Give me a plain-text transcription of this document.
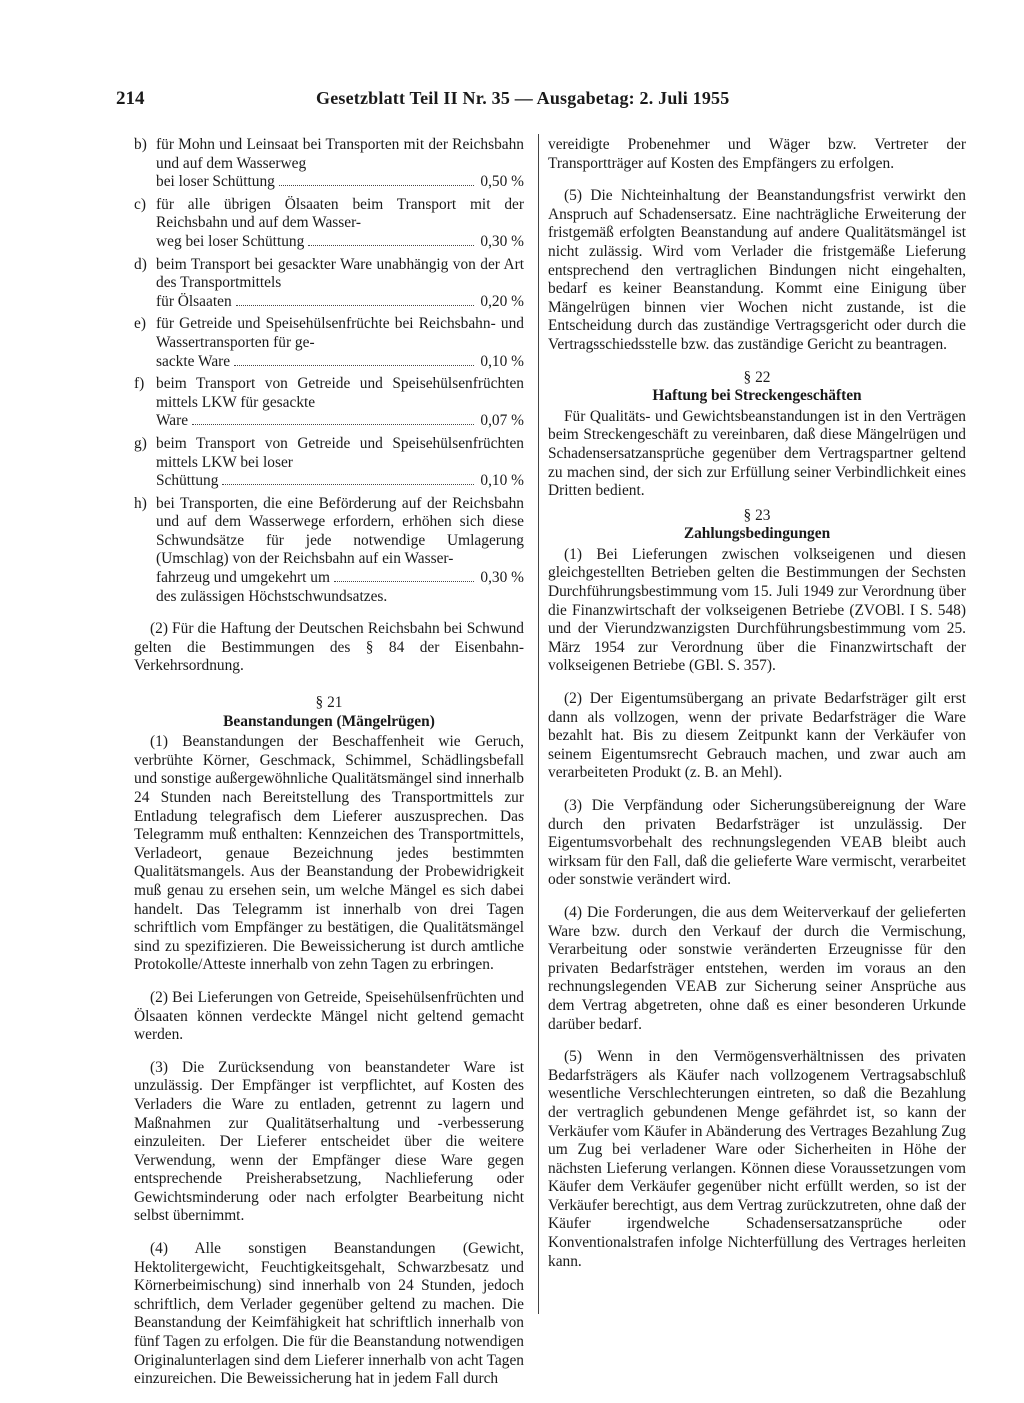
214	Gesetzblatt Teil II Nr. 35 — Ausgabetag: 2. Juli 1955
b) für Mohn und Leinsaat bei Transporten mit der Reichsbahn und auf dem Wasserweg
bei loser Schüttung	0,50 %
c) für alle übrigen Ölsaaten beim Transport mit der Reichsbahn und auf dem Wasser-
weg bei loser Schüttung	0,30 %
d) beim Transport bei gesackter Ware unabhängig von der Art des Transportmittels
für Ölsaaten	0,20 %
e) für Getreide und Speisehülsenfrüchte bei Reichsbahn- und Wassertransporten für ge-
sackte Ware	0,10 %
f) beim Transport von Getreide und Speisehülsenfrüchten mittels LKW für gesackte
Ware	0,07 %
g) beim Transport von Getreide und Speisehülsenfrüchten mittels LKW bei loser
Schüttung	0,10 %
h) bei Transporten, die eine Beförderung auf der Reichsbahn und auf dem Wasserwege erfordern, erhöhen sich diese Schwundsätze für jede notwendige Umlagerung (Umschlag) von der Reichsbahn auf ein Wasser-
fahrzeug und umgekehrt um	0,30 %
des zulässigen Höchstschwundsatzes.

(2) Für die Haftung der Deutschen Reichsbahn bei Schwund gelten die Bestimmungen des § 84 der Eisenbahn-Verkehrsordnung.

§ 21
Beanstandungen (Mängelrügen)

(1) Beanstandungen der Beschaffenheit wie Geruch, verbrühte Körner, Geschmack, Schimmel, Schädlingsbefall und sonstige außergewöhnliche Qualitätsmängel sind innerhalb 24 Stunden nach Bereitstellung des Transportmittels zur Entladung telegrafisch dem Lieferer auszusprechen. Das Telegramm muß enthalten: Kennzeichen des Transportmittels, Verladeort, genaue Bezeichnung jedes bestimmten Qualitätsmangels. Aus der Beanstandung der Probewidrigkeit muß genau zu ersehen sein, um welche Mängel es sich dabei handelt. Das Telegramm ist innerhalb von drei Tagen schriftlich vom Empfänger zu bestätigen, die Qualitätsmängel sind zu spezifizieren. Die Beweissicherung ist durch amtliche Protokolle/Atteste innerhalb von zehn Tagen zu erbringen.

(2) Bei Lieferungen von Getreide, Speisehülsenfrüchten und Ölsaaten können verdeckte Mängel nicht geltend gemacht werden.

(3) Die Zurücksendung von beanstandeter Ware ist unzulässig. Der Empfänger ist verpflichtet, auf Kosten des Verladers die Ware zu entladen, getrennt zu lagern und Maßnahmen zur Qualitätserhaltung und -verbesserung einzuleiten. Der Lieferer entscheidet über die weitere Verwendung, wenn der Empfänger diese Ware gegen entsprechende Preisherabsetzung, Nachlieferung oder Gewichtsminderung oder nach erfolgter Bearbeitung nicht selbst übernimmt.

(4) Alle sonstigen Beanstandungen (Gewicht, Hektolitergewicht, Feuchtigkeitsgehalt, Schwarzbesatz und Körnerbeimischung) sind innerhalb von 24 Stunden, jedoch schriftlich, dem Verlader gegenüber geltend zu machen. Die Beanstandung der Keimfähigkeit hat schriftlich innerhalb von fünf Tagen zu erfolgen. Die für die Beanstandung notwendigen Originalunterlagen sind dem Lieferer innerhalb von acht Tagen einzureichen. Die Beweissicherung hat in jedem Fall durch

vereidigte Probenehmer und Wäger bzw. Vertreter der Transportträger auf Kosten des Empfängers zu erfolgen.

(5) Die Nichteinhaltung der Beanstandungsfrist verwirkt den Anspruch auf Schadensersatz. Eine nachträgliche Erweiterung der fristgemäß erfolgten Beanstandung auf andere Qualitätsmängel ist nicht zulässig. Wird vom Verlader die fristgemäße Lieferung entsprechend den vertraglichen Bindungen nicht eingehalten, bedarf es keiner Beanstandung. Kommt eine Einigung über Mängelrügen binnen vier Wochen nicht zustande, ist die Entscheidung durch das zuständige Vertragsgericht oder durch die Vertragsschiedsstelle bzw. das zuständige Gericht zu beantragen.

§ 22
Haftung bei Streckengeschäften

Für Qualitäts- und Gewichtsbeanstandungen ist in den Verträgen beim Streckengeschäft zu vereinbaren, daß diese Mängelrügen und Schadensersatzansprüche gegenüber dem Vertragspartner geltend zu machen sind, der sich zur Erfüllung seiner Verbindlichkeit eines Dritten bedient.

§ 23
Zahlungsbedingungen

(1) Bei Lieferungen zwischen volkseigenen und diesen gleichgestellten Betrieben gelten die Bestimmungen der Sechsten Durchführungsbestimmung vom 15. Juli 1949 zur Verordnung über die Finanzwirtschaft der volkseigenen Betriebe (ZVOBl. I S. 548) und der Vierundzwanzigsten Durchführungsbestimmung vom 25. März 1954 zur Verordnung über die Finanzwirtschaft der volkseigenen Betriebe (GBl. S. 357).

(2) Der Eigentumsübergang an private Bedarfsträger gilt erst dann als vollzogen, wenn der private Bedarfsträger die Ware bezahlt hat. Bis zu diesem Zeitpunkt kann der Verkäufer von seinem Eigentumsrecht Gebrauch machen, und zwar auch am verarbeiteten Produkt (z. B. an Mehl).

(3) Die Verpfändung oder Sicherungsübereignung der Ware durch den privaten Bedarfsträger ist unzulässig. Der Eigentumsvorbehalt des rechnungslegenden VEAB bleibt auch wirksam für den Fall, daß die gelieferte Ware vermischt, verarbeitet oder sonstwie verändert wird.

(4) Die Forderungen, die aus dem Weiterverkauf der gelieferten Ware bzw. durch den Verkauf der durch die Vermischung, Verarbeitung oder sonstwie veränderten Erzeugnisse für den privaten Bedarfsträger entstehen, werden im voraus an den rechnungslegenden VEAB zur Sicherung seiner Ansprüche aus dem Vertrag abgetreten, ohne daß es einer besonderen Urkunde darüber bedarf.

(5) Wenn in den Vermögensverhältnissen des privaten Bedarfsträgers als Käufer nach vollzogenem Vertragsabschluß wesentliche Verschlechterungen eintreten, so daß die Bezahlung der vertraglich gebundenen Menge gefährdet ist, so kann der Verkäufer vom Käufer in Abänderung des Vertrages Bezahlung Zug um Zug bei verladener Ware oder Sicherheiten in Höhe der nächsten Lieferung verlangen. Können diese Voraussetzungen vom Käufer dem Verkäufer gegenüber nicht erfüllt werden, so ist der Verkäufer berechtigt, aus dem Vertrag zurückzutreten, ohne daß der Käufer irgendwelche Schadensersatzansprüche oder Konventionalstrafen infolge Nichterfüllung des Vertrages herleiten kann.
